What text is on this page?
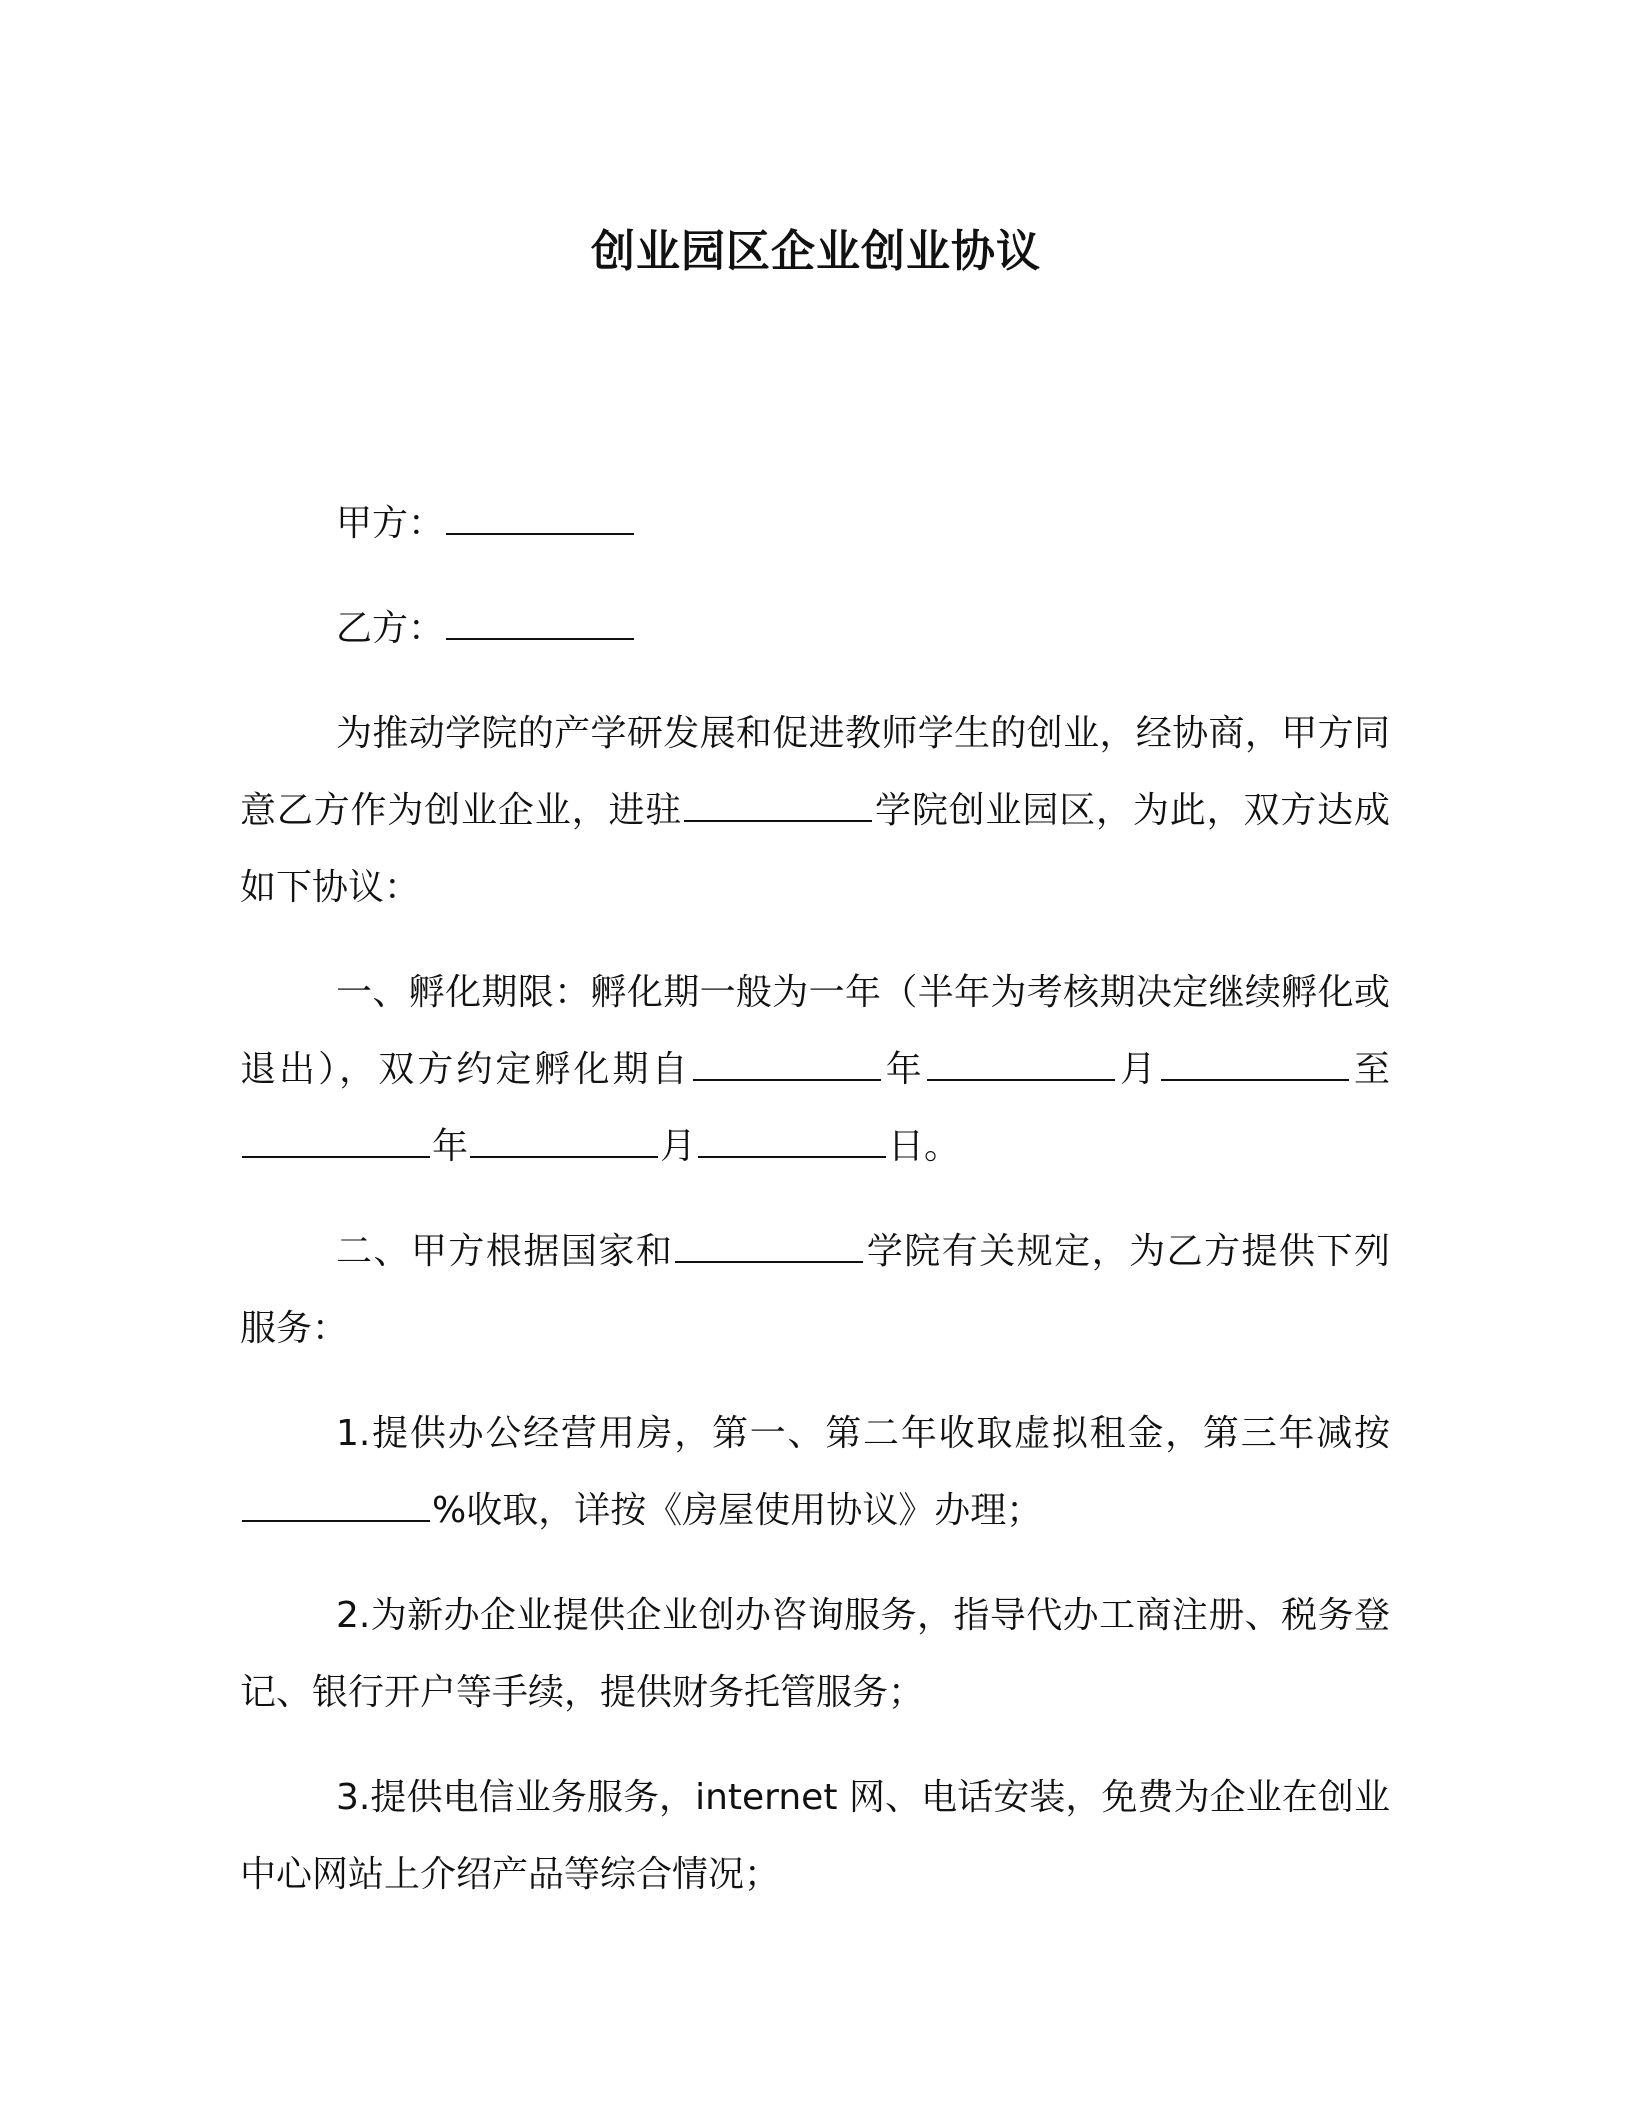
创业园区企业创业协议

甲方：

乙方：

为推动学院的产学研发展和促进教师学生的创业，经协商，甲方同意乙方作为创业企业，进驻	学院创业园区，为此，双方达成如下协议：

一、孵化期限：孵化期一般为一年（半年为考核期决定继续孵化或退出），双方约定孵化期自	年	月	至年	月	日。

二、甲方根据国家和	学院有关规定，为乙方提供下列服务：

1.提供办公经营用房，第一、第二年收取虚拟租金，第三年减按%收取，详按《房屋使用协议》办理；

2.为新办企业提供企业创办咨询服务，指导代办工商注册、税务登记、银行开户等手续，提供财务托管服务；

3.提供电信业务服务，internet 网、电话安装，免费为企业在创业中心网站上介绍产品等综合情况；
